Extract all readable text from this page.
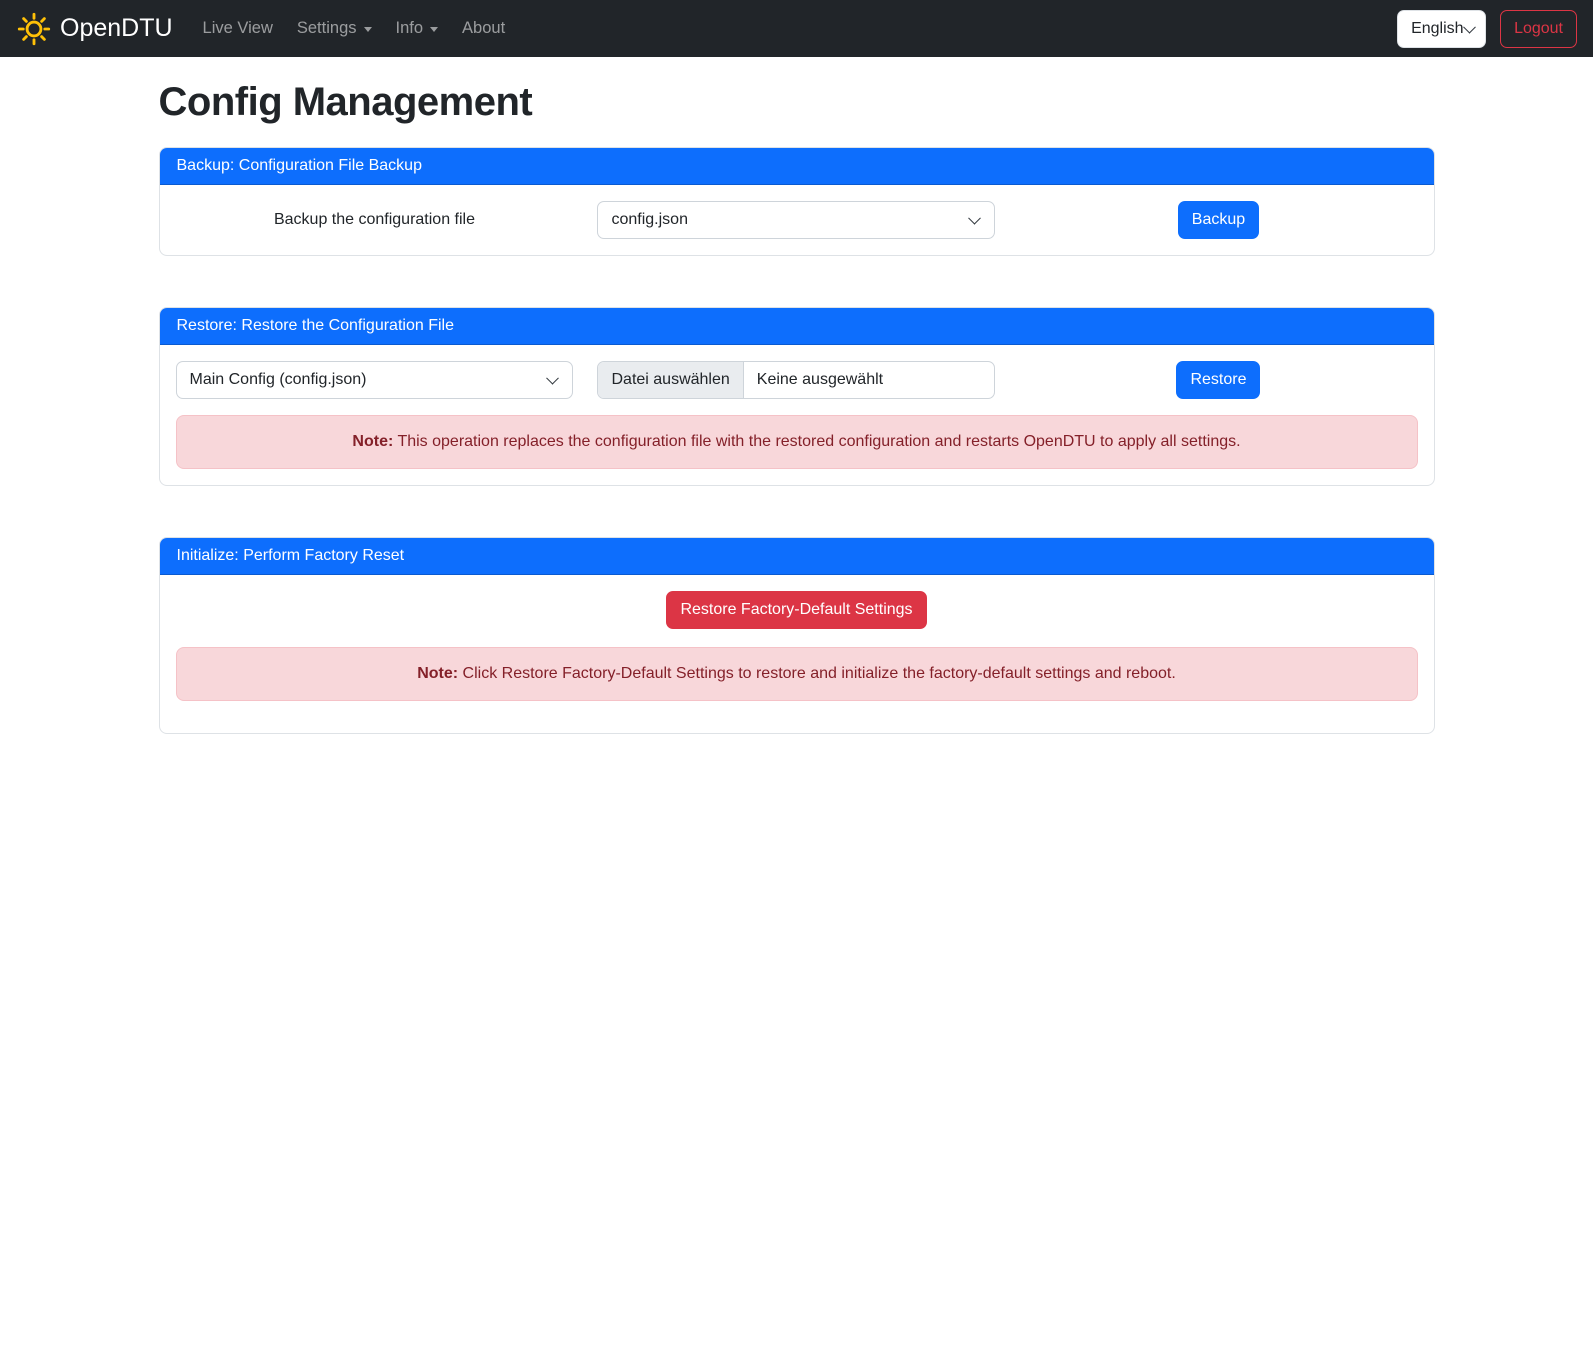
OpenDTU Live View Settings Info About	English	Logout
Config Management
Backup: Configuration File Backup
Backup the configuration file	config.json	Backup
Restore: Restore the Configuration File
Main Config (config.json)	Datei auswählen	Keine ausgewählt	Restore
Note: This operation replaces the configuration file with the restored configuration and restarts OpenDTU to apply all settings.
Initialize: Perform Factory Reset
Restore Factory-Default Settings
Note: Click Restore Factory-Default Settings to restore and initialize the factory-default settings and reboot.
